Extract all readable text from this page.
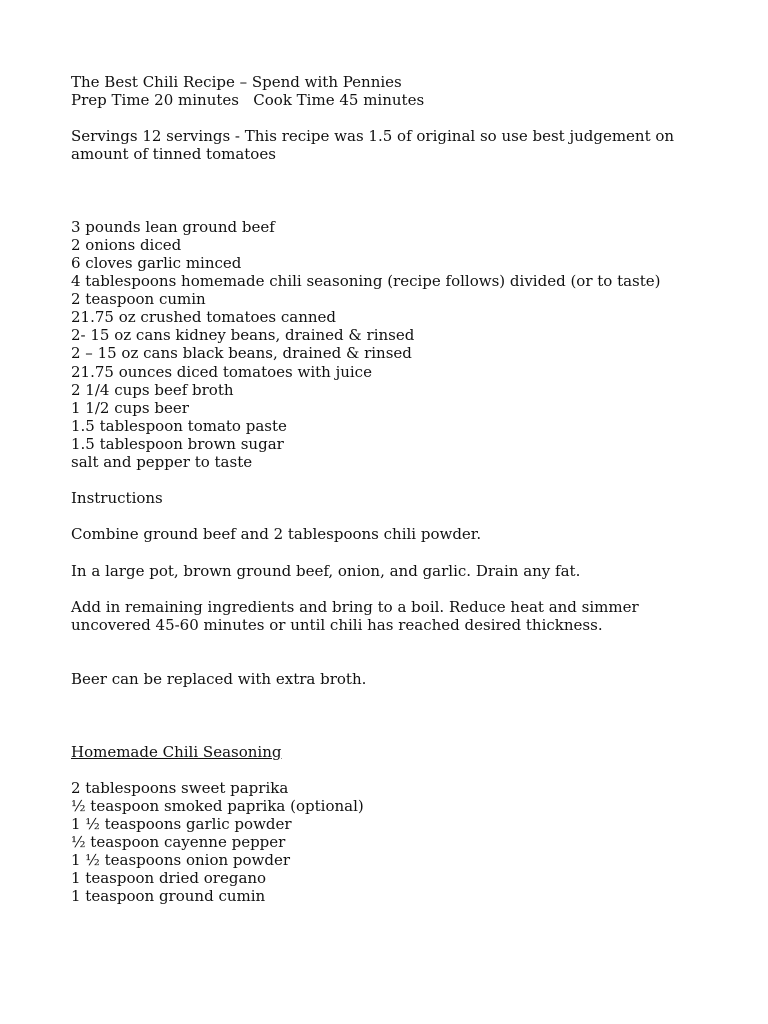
The Best Chili Recipe – Spend with Pennies
Prep Time 20 minutes   Cook Time 45 minutes
Servings 12 servings - This recipe was 1.5 of original so use best judgement on amount of tinned tomatoes
3 pounds lean ground beef
2 onions diced
6 cloves garlic minced
4 tablespoons homemade chili seasoning (recipe follows) divided (or to taste)
2 teaspoon cumin
21.75 oz crushed tomatoes canned
2- 15 oz cans kidney beans, drained & rinsed
2 – 15 oz cans black beans, drained & rinsed
21.75 ounces diced tomatoes with juice
2 1/4 cups beef broth
1 1/2 cups beer
1.5 tablespoon tomato paste
1.5 tablespoon brown sugar
salt and pepper to taste
Instructions
Combine ground beef and 2 tablespoons chili powder.
In a large pot, brown ground beef, onion, and garlic. Drain any fat.
Add in remaining ingredients and bring to a boil. Reduce heat and simmer uncovered 45-60 minutes or until chili has reached desired thickness.
Beer can be replaced with extra broth.
Homemade Chili Seasoning
2 tablespoons sweet paprika
½ teaspoon smoked paprika (optional)
1 ½ teaspoons garlic powder
½ teaspoon cayenne pepper
1 ½ teaspoons onion powder
1 teaspoon dried oregano
1 teaspoon ground cumin
